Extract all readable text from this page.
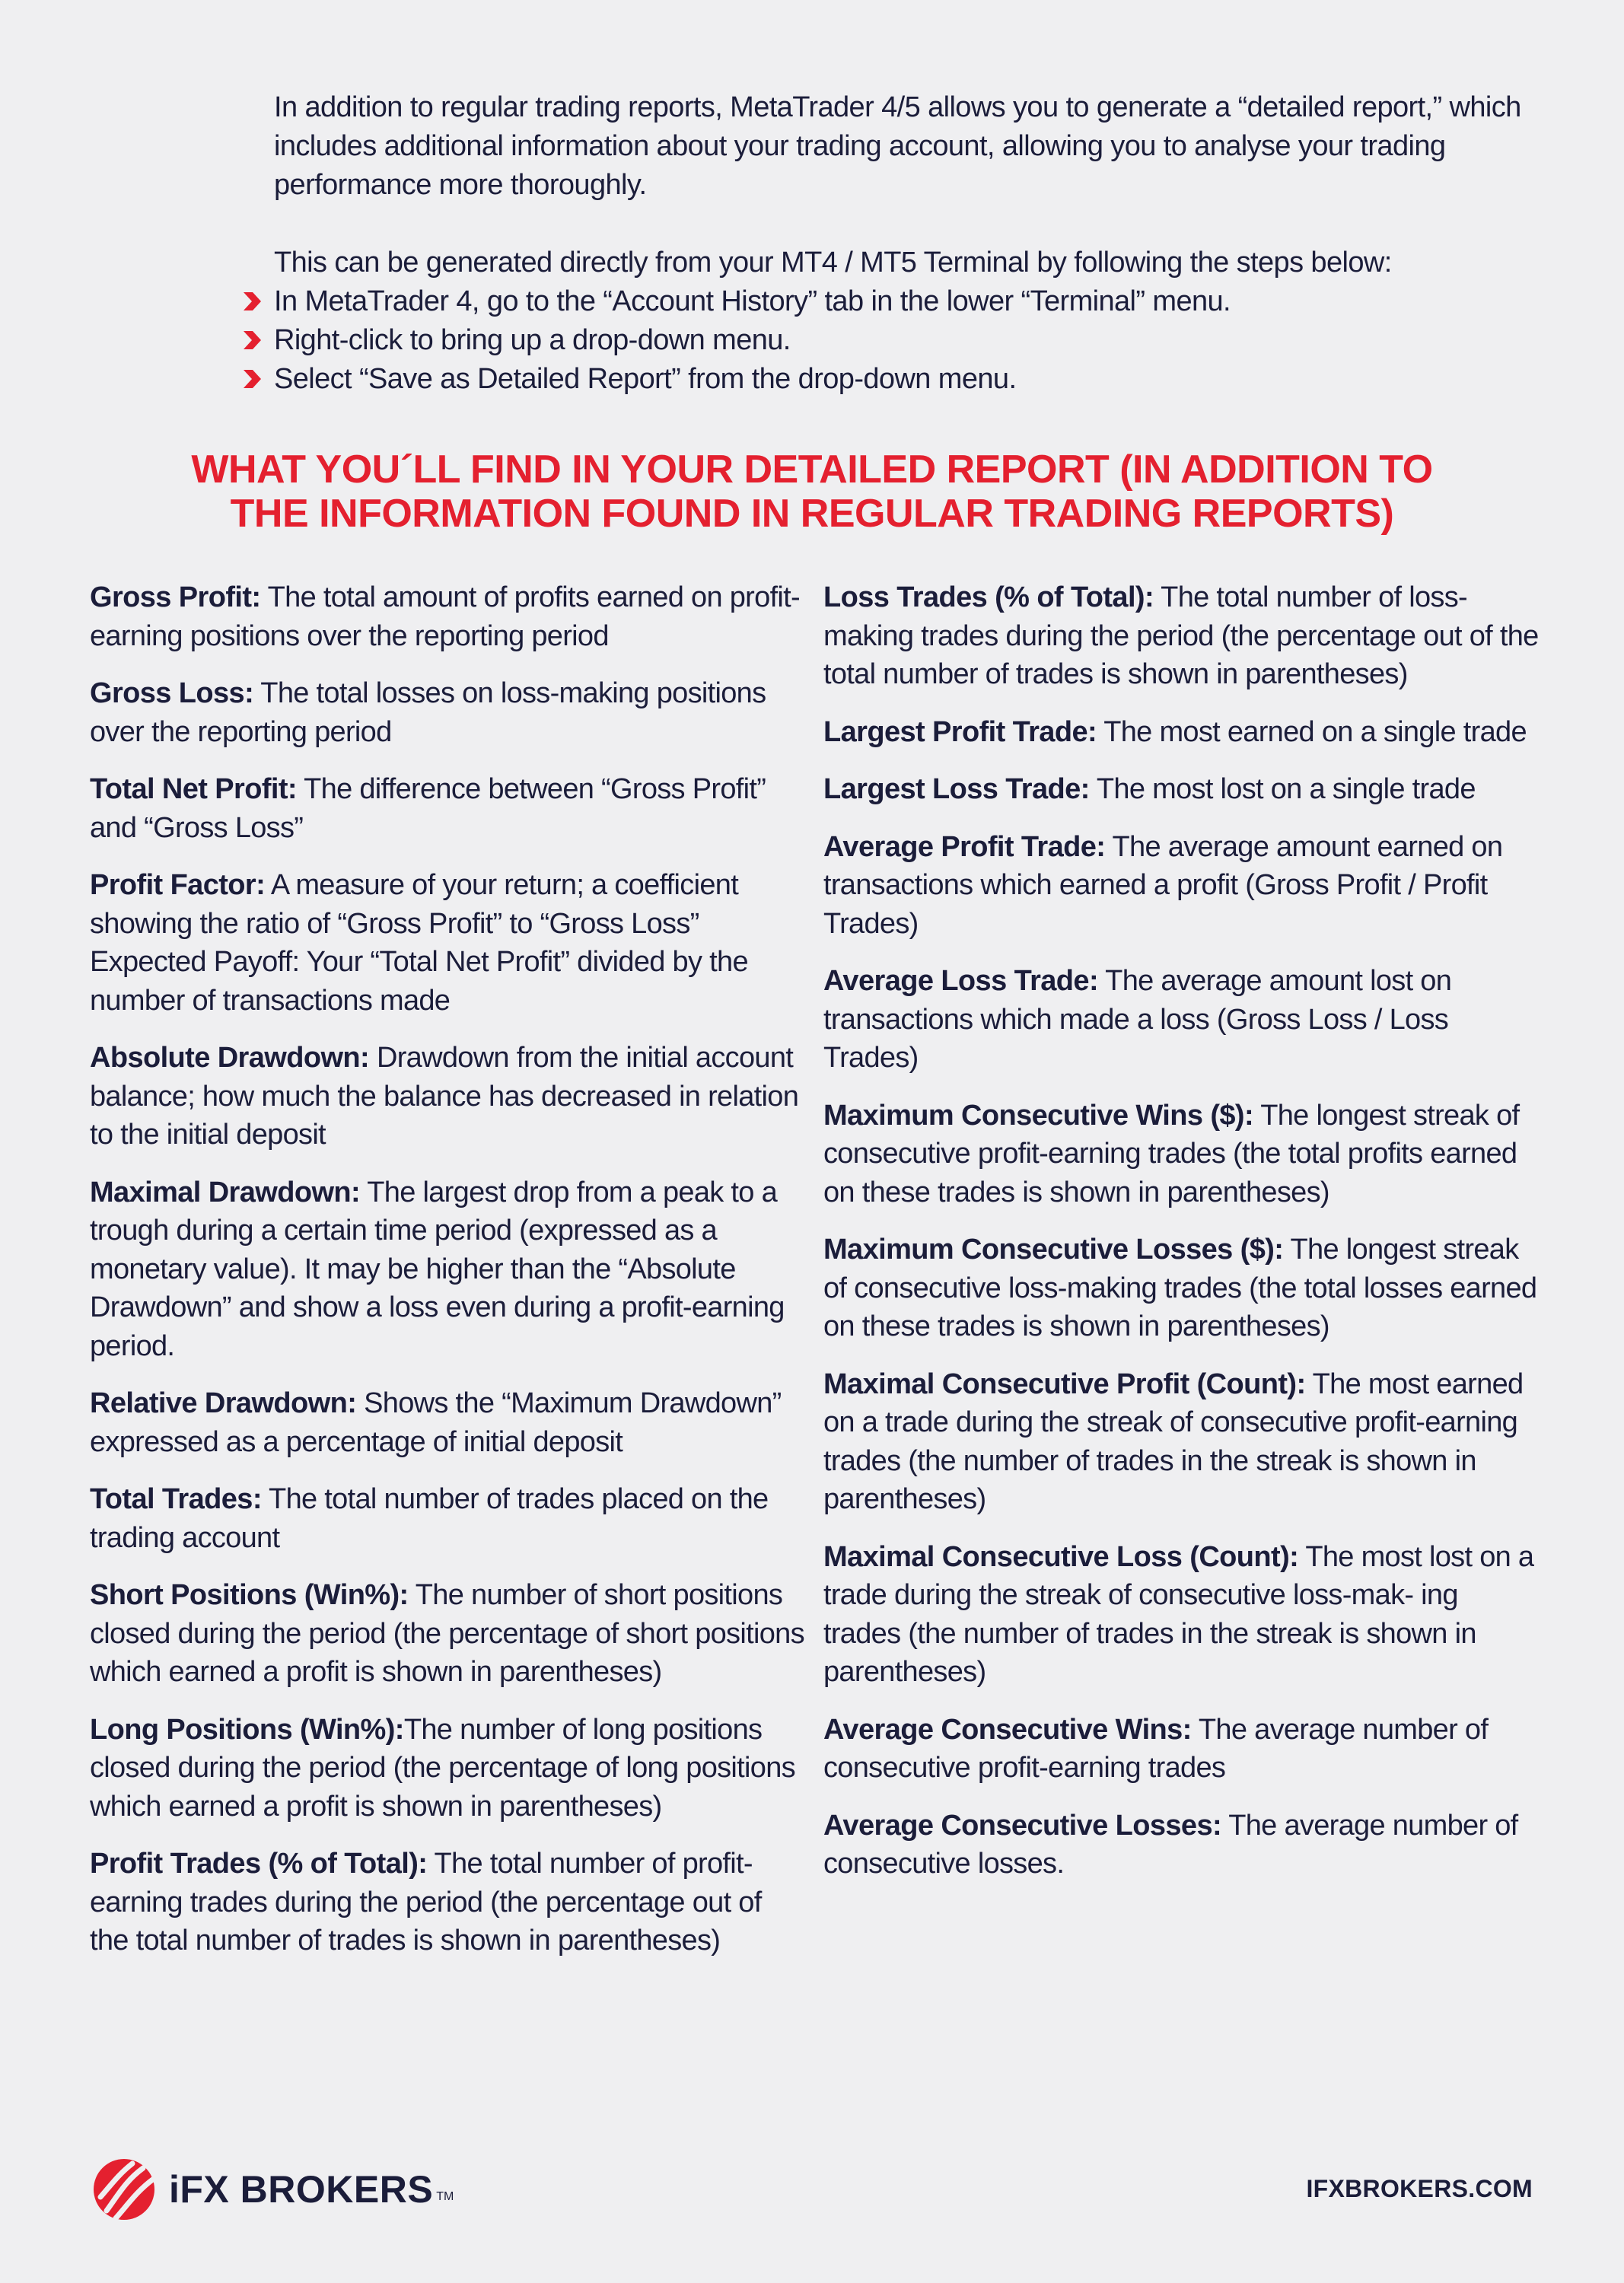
In addition to regular trading reports, MetaTrader 4/5 allows you to generate a “detailed report,” which includes additional information about your trading account, allowing you to analyse your trading performance more thoroughly.

This can be generated directly from your MT4 / MT5 Terminal by following the steps below:

In MetaTrader 4, go to the “Account History” tab in the lower “Terminal” menu.
Right-click to bring up a drop-down menu.
Select “Save as Detailed Report” from the drop-down menu.
WHAT YOU´LL FIND IN YOUR DETAILED REPORT (IN ADDITION TO
THE INFORMATION FOUND IN REGULAR TRADING REPORTS)

Gross Profit: The total amount of profits earned on profit-earning positions over the reporting period

Gross Loss: The total losses on loss-making positions over the reporting period

Total Net Profit: The difference between “Gross Profit” and “Gross Loss”

Profit Factor: A measure of your return; a coefficient showing the ratio of “Gross Profit” to “Gross Loss” Expected Payoff: Your “Total Net Profit” divided by the number of transactions made

Absolute Drawdown: Drawdown from the initial account balance; how much the balance has decreased in relation to the initial deposit

Maximal Drawdown: The largest drop from a peak to a trough during a certain time period (expressed as a monetary value). It may be higher than the “Absolute Drawdown” and show a loss even during a profit-earning period.

Relative Drawdown: Shows the “Maximum Drawdown” expressed as a percentage of initial deposit

Total Trades: The total number of trades placed on the trading account

Short Positions (Win%): The number of short positions closed during the period (the percentage of short positions which earned a profit is shown in parentheses)

Long Positions (Win%):The number of long positions closed during the period (the percentage of long positions which earned a profit is shown in parentheses)

Profit Trades (% of Total): The total number of profit-earning trades during the period (the percentage out of the total number of trades is shown in parentheses)

Loss Trades (% of Total): The total number of loss-making trades during the period (the percentage out of the total number of trades is shown in parentheses)

Largest Profit Trade: The most earned on a single trade

Largest Loss Trade: The most lost on a single trade

Average Profit Trade: The average amount earned on transactions which earned a profit (Gross Profit / Profit Trades)

Average Loss Trade: The average amount lost on transactions which made a loss (Gross Loss / Loss Trades)

Maximum Consecutive Wins ($): The longest streak of consecutive profit-earning trades (the total profits earned on these trades is shown in parentheses)

Maximum Consecutive Losses ($): The longest streak of consecutive loss-making trades (the total losses earned on these trades is shown in parentheses)

Maximal Consecutive Profit (Count): The most earned on a trade during the streak of consecutive profit-earning trades (the number of trades in the streak is shown in parentheses)

Maximal Consecutive Loss (Count): The most lost on a trade during the streak of consecutive loss-mak- ing trades (the number of trades in the streak is shown in parentheses)

Average Consecutive Wins: The average number of consecutive profit-earning trades

Average Consecutive Losses: The average number of consecutive losses.

iFX BROKERS TM	IFXBROKERS.COM
